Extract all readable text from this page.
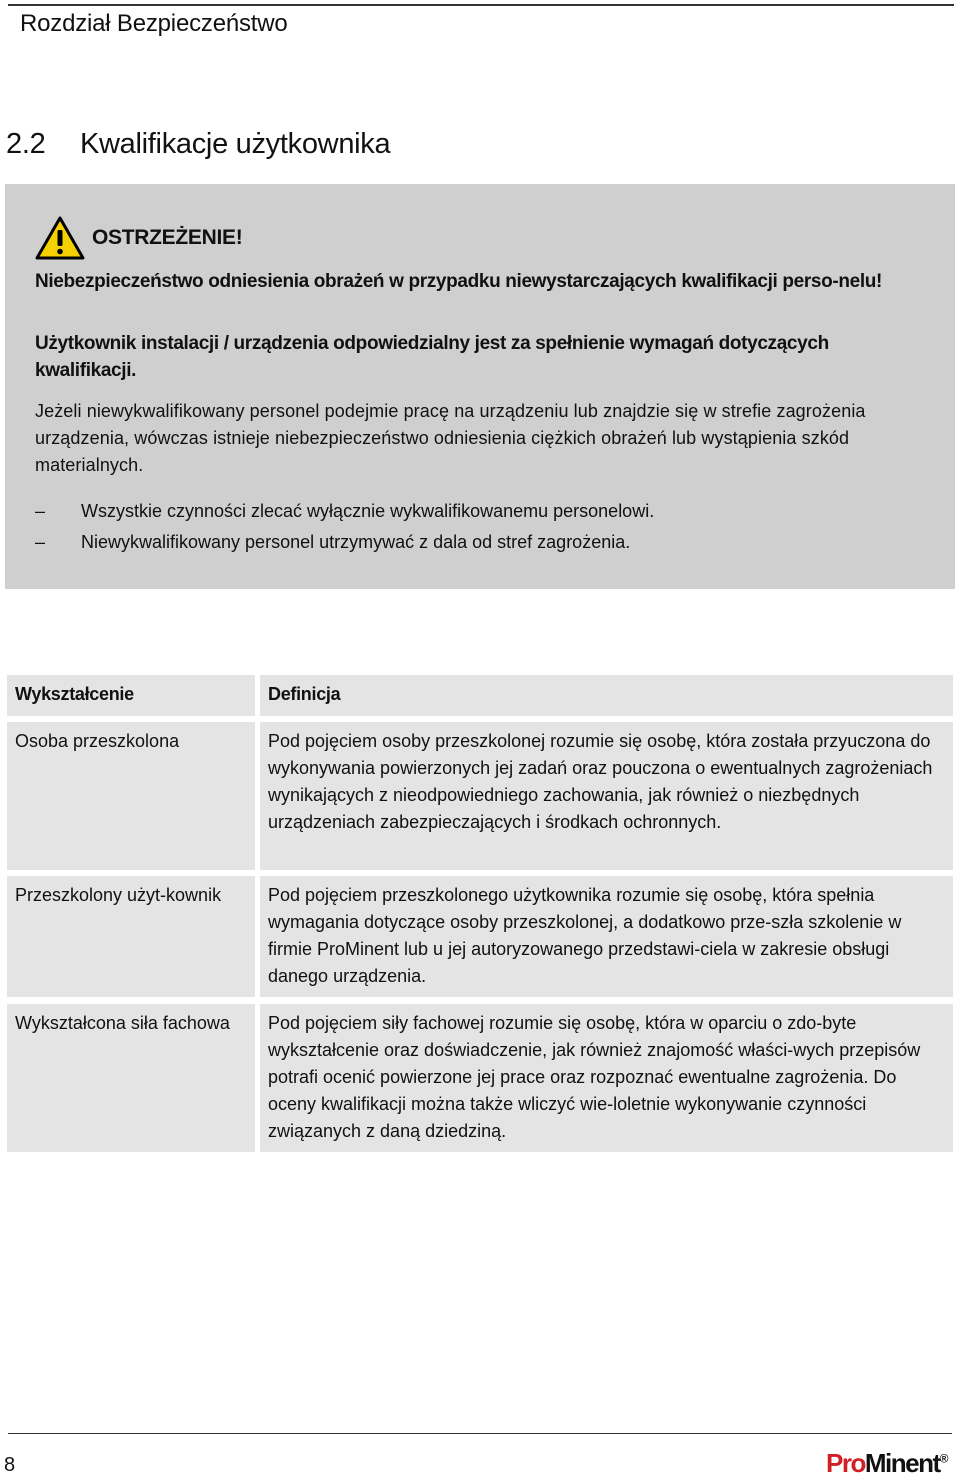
Rozdział Bezpieczeństwo
2.2 Kwalifikacje użytkownika
OSTRZEŻENIE!
Niebezpieczeństwo odniesienia obrażeń w przypadku niewystarczających kwalifikacji perso-nelu!
Użytkownik instalacji / urządzenia odpowiedzialny jest za spełnienie wymagań dotyczących kwalifikacji.
Jeżeli niewykwalifikowany personel podejmie pracę na urządzeniu lub znajdzie się w strefie zagrożenia urządzenia, wówczas istnieje niebezpieczeństwo odniesienia ciężkich obrażeń lub wystąpienia szkód materialnych.
–	Wszystkie czynności zlecać wyłącznie wykwalifikowanemu personelowi.
–	Niewykwalifikowany personel utrzymywać z dala od stref zagrożenia.
Wykształcenie	Definicja
Osoba przeszkolona	Pod pojęciem osoby przeszkolonej rozumie się osobę, która została przyuczona do wykonywania powierzonych jej zadań oraz pouczona o ewentualnych zagrożeniach wynikających z nieodpowiedniego zachowania, jak również o niezbędnych urządzeniach zabezpieczających i środkach ochronnych.
Przeszkolony użyt-kownik	Pod pojęciem przeszkolonego użytkownika rozumie się osobę, która spełnia wymagania dotyczące osoby przeszkolonej, a dodatkowo prze-szła szkolenie w firmie ProMinent lub u jej autoryzowanego przedstawi-ciela w zakresie obsługi danego urządzenia.
Wykształcona siła fachowa	Pod pojęciem siły fachowej rozumie się osobę, która w oparciu o zdo-byte wykształcenie oraz doświadczenie, jak również znajomość właści-wych przepisów potrafi ocenić powierzone jej prace oraz rozpoznać ewentualne zagrożenia. Do oceny kwalifikacji można także wliczyć wie-loletnie wykonywanie czynności związanych z daną dziedziną.
8	ProMinent®
